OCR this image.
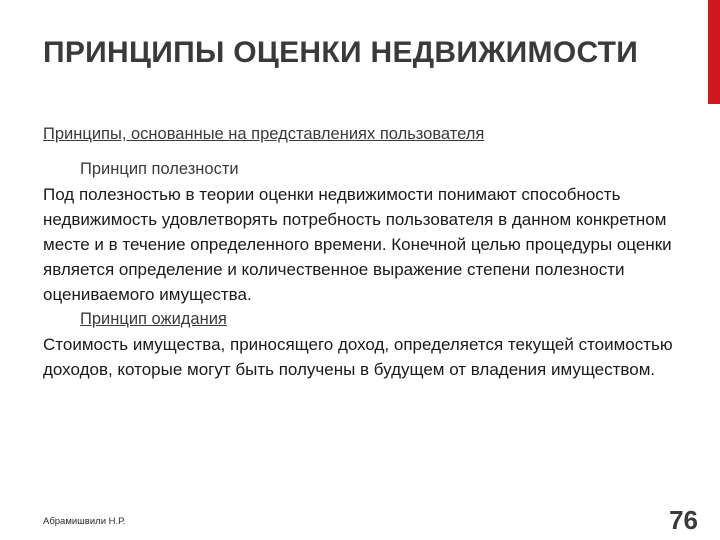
ПРИНЦИПЫ ОЦЕНКИ НЕДВИЖИМОСТИ

Принципы, основанные на представлениях пользователя

Принцип полезности

Под полезностью в теории оценки недвижимости понимают способность недвижимость удовлетворять потребность пользователя в данном конкретном месте и в течение определенного времени. Конечной целью процедуры оценки является определение и количественное выражение степени полезности оцениваемого имущества.

Принцип ожидания

Стоимость имущества, приносящего доход, определяется текущей стоимостью доходов, которые могут быть получены в будущем от владения имуществом.

Абрамишвили Н.Р.	76
